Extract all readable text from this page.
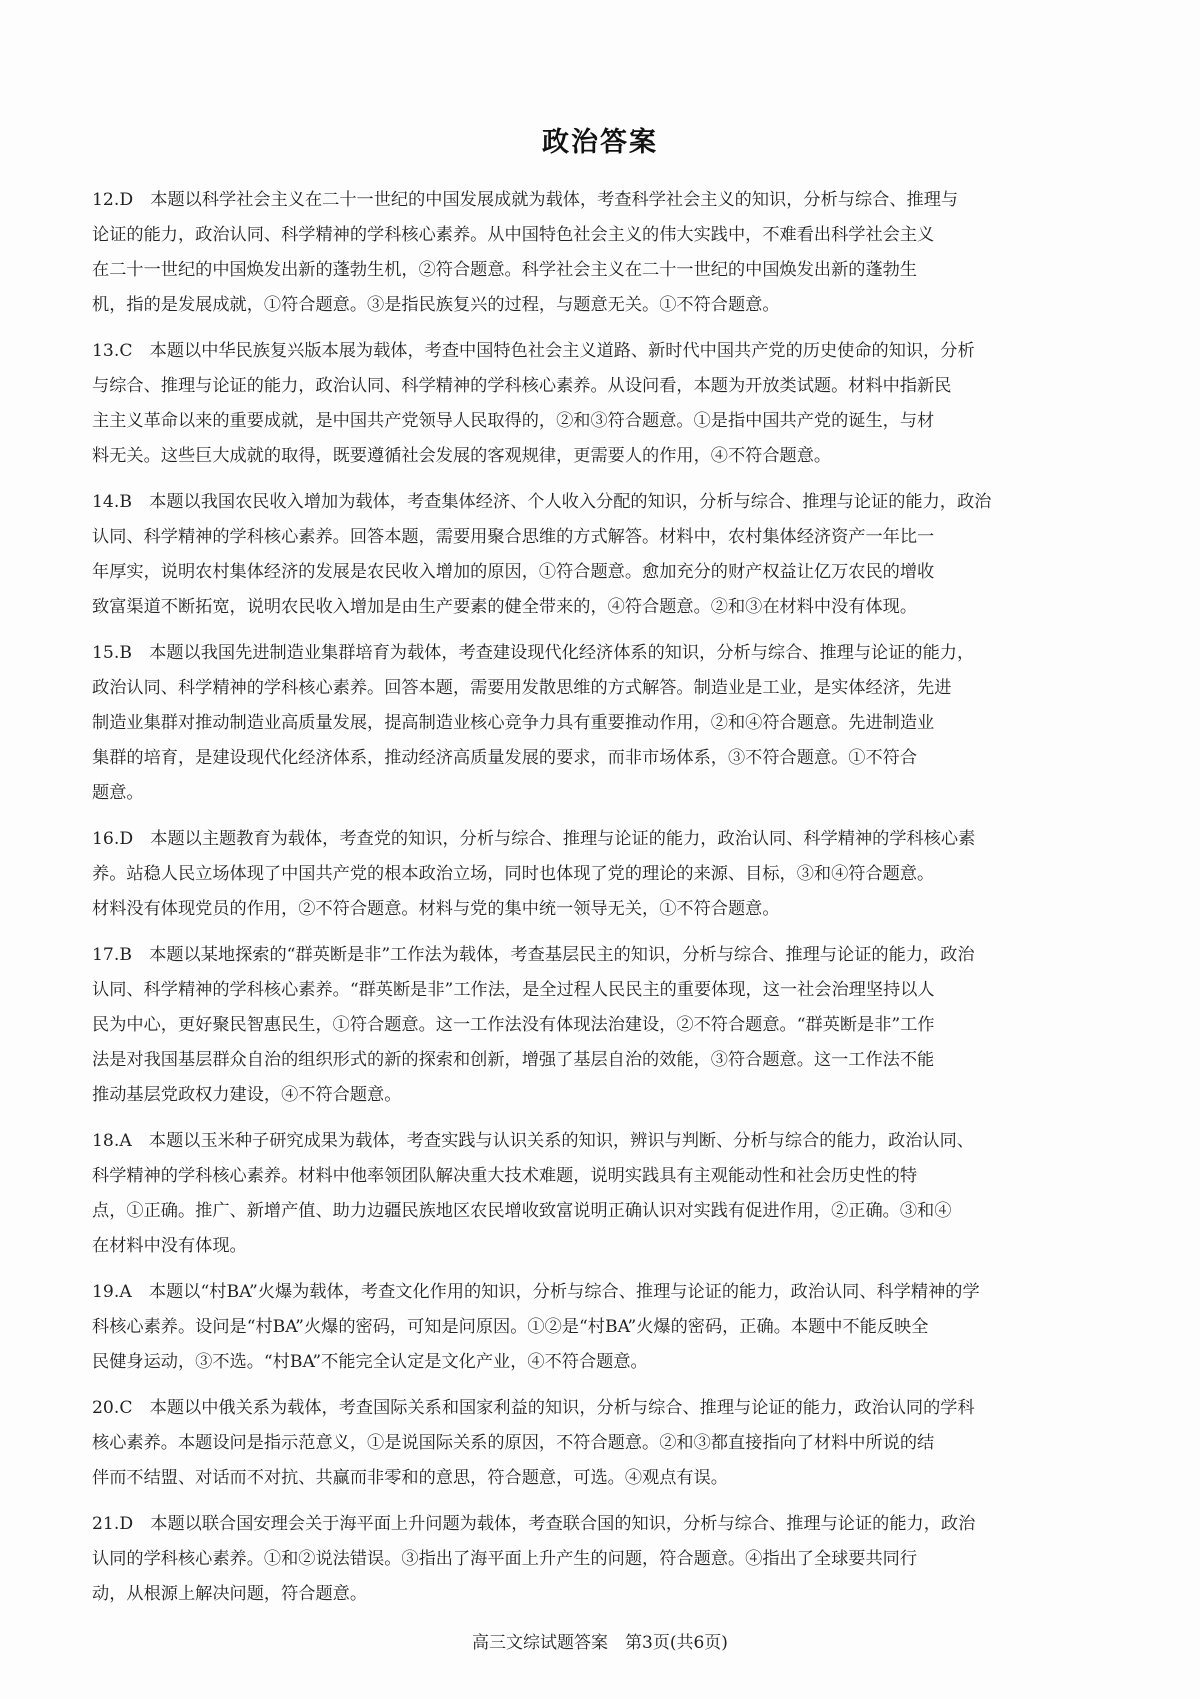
政治答案
12.D　本题以科学社会主义在二十一世纪的中国发展成就为载体，考查科学社会主义的知识，分析与综合、推理与
论证的能力，政治认同、科学精神的学科核心素养。从中国特色社会主义的伟大实践中，不难看出科学社会主义
在二十一世纪的中国焕发出新的蓬勃生机，②符合题意。科学社会主义在二十一世纪的中国焕发出新的蓬勃生
机，指的是发展成就，①符合题意。③是指民族复兴的过程，与题意无关。①不符合题意。
13.C　本题以中华民族复兴版本展为载体，考查中国特色社会主义道路、新时代中国共产党的历史使命的知识，分析
与综合、推理与论证的能力，政治认同、科学精神的学科核心素养。从设问看，本题为开放类试题。材料中指新民
主主义革命以来的重要成就，是中国共产党领导人民取得的，②和③符合题意。①是指中国共产党的诞生，与材
料无关。这些巨大成就的取得，既要遵循社会发展的客观规律，更需要人的作用，④不符合题意。
14.B　本题以我国农民收入增加为载体，考查集体经济、个人收入分配的知识，分析与综合、推理与论证的能力，政治
认同、科学精神的学科核心素养。回答本题，需要用聚合思维的方式解答。材料中，农村集体经济资产一年比一
年厚实，说明农村集体经济的发展是农民收入增加的原因，①符合题意。愈加充分的财产权益让亿万农民的增收
致富渠道不断拓宽，说明农民收入增加是由生产要素的健全带来的，④符合题意。②和③在材料中没有体现。
15.B　本题以我国先进制造业集群培育为载体，考查建设现代化经济体系的知识，分析与综合、推理与论证的能力，
政治认同、科学精神的学科核心素养。回答本题，需要用发散思维的方式解答。制造业是工业，是实体经济，先进
制造业集群对推动制造业高质量发展，提高制造业核心竞争力具有重要推动作用，②和④符合题意。先进制造业
集群的培育，是建设现代化经济体系，推动经济高质量发展的要求，而非市场体系，③不符合题意。①不符合
题意。
16.D　本题以主题教育为载体，考查党的知识，分析与综合、推理与论证的能力，政治认同、科学精神的学科核心素
养。站稳人民立场体现了中国共产党的根本政治立场，同时也体现了党的理论的来源、目标，③和④符合题意。
材料没有体现党员的作用，②不符合题意。材料与党的集中统一领导无关，①不符合题意。
17.B　本题以某地探索的“群英断是非”工作法为载体，考查基层民主的知识，分析与综合、推理与论证的能力，政治
认同、科学精神的学科核心素养。“群英断是非”工作法，是全过程人民民主的重要体现，这一社会治理坚持以人
民为中心，更好聚民智惠民生，①符合题意。这一工作法没有体现法治建设，②不符合题意。“群英断是非”工作
法是对我国基层群众自治的组织形式的新的探索和创新，增强了基层自治的效能，③符合题意。这一工作法不能
推动基层党政权力建设，④不符合题意。
18.A　本题以玉米种子研究成果为载体，考查实践与认识关系的知识，辨识与判断、分析与综合的能力，政治认同、
科学精神的学科核心素养。材料中他率领团队解决重大技术难题，说明实践具有主观能动性和社会历史性的特
点，①正确。推广、新增产值、助力边疆民族地区农民增收致富说明正确认识对实践有促进作用，②正确。③和④
在材料中没有体现。
19.A　本题以“村BA”火爆为载体，考查文化作用的知识，分析与综合、推理与论证的能力，政治认同、科学精神的学
科核心素养。设问是“村BA”火爆的密码，可知是问原因。①②是“村BA”火爆的密码，正确。本题中不能反映全
民健身运动，③不选。“村BA”不能完全认定是文化产业，④不符合题意。
20.C　本题以中俄关系为载体，考查国际关系和国家利益的知识，分析与综合、推理与论证的能力，政治认同的学科
核心素养。本题设问是指示范意义，①是说国际关系的原因，不符合题意。②和③都直接指向了材料中所说的结
伴而不结盟、对话而不对抗、共赢而非零和的意思，符合题意，可选。④观点有误。
21.D　本题以联合国安理会关于海平面上升问题为载体，考查联合国的知识，分析与综合、推理与论证的能力，政治
认同的学科核心素养。①和②说法错误。③指出了海平面上升产生的问题，符合题意。④指出了全球要共同行
动，从根源上解决问题，符合题意。
高三文综试题答案　第3页(共6页)
